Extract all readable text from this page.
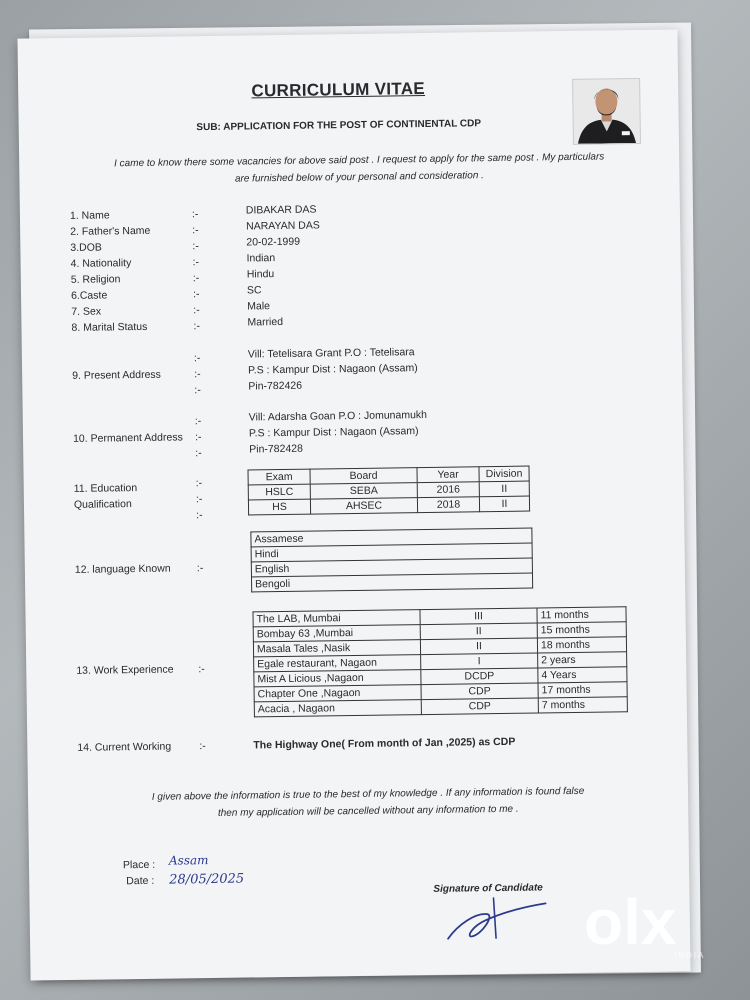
CURRICULUM VITAE
SUB: APPLICATION FOR THE POST OF CONTINENTAL CDP
I came to know there some vacancies for above said post . I request to apply for the same post . My particulars
are furnished below of your personal and consideration .
1. Name	:-	DIBAKAR DAS
2. Father's Name	:-	NARAYAN DAS
3.DOB	:-	20-02-1999
4. Nationality	:-	Indian
5. Religion	:-	Hindu
6.Caste	:-	SC
7. Sex	:-	Male
8. Marital Status	:-	Married
:-
:-
:-
9. Present Address
Vill: Tetelisara Grant P.O : Tetelisara
P.S : Kampur Dist : Nagaon (Assam)
Pin-782426
:-
:-
:-
10. Permanent Address
Vill: Adarsha Goan P.O : Jomunamukh
P.S : Kampur Dist : Nagaon (Assam)
Pin-782428
11. Education
Qualification
:-
:-
:-
Exam	Board	Year	Division
HSLC	SEBA	2016	II
HS	AHSEC	2018	II
12. language Known :-
Assamese
Hindi
English
Bengoli
13. Work Experience :-
The LAB, Mumbai	III	11 months
Bombay 63 ,Mumbai	II	15 months
Masala Tales ,Nasik	II	18 months
Egale restaurant, Nagaon	I	2 years
Mist A Licious ,Nagaon	DCDP	4 Years
Chapter One ,Nagaon	CDP	17 months
Acacia , Nagaon	CDP	7 months
14. Current Working	:-	The Highway One( From month of Jan ,2025) as CDP
I given above the information is true to the best of my knowledge . If any information is found false
then my application will be cancelled without any information to me .
Place : Assam
Date : 28/05/2025
Signature of Candidate olx
INDIA
